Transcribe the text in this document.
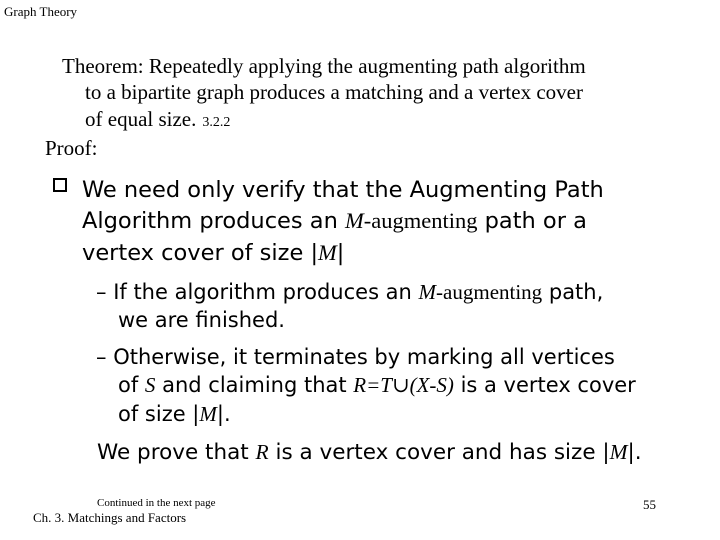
Graph Theory
Theorem: Repeatedly applying the augmenting path algorithm
to a bipartite graph produces a matching and a vertex cover
of equal size. 3.2.2
Proof:
We need only verify that the Augmenting Path
Algorithm produces an M-augmenting path or a
vertex cover of size |M|
– If the algorithm produces an M-augmenting path,
we are finished.
– Otherwise, it terminates by marking all vertices
of S and claiming that R=T∪(X-S) is a vertex cover
of size |M|.
We prove that R is a vertex cover and has size |M|.
Continued in the next page
Ch. 3. Matchings and Factors
55
